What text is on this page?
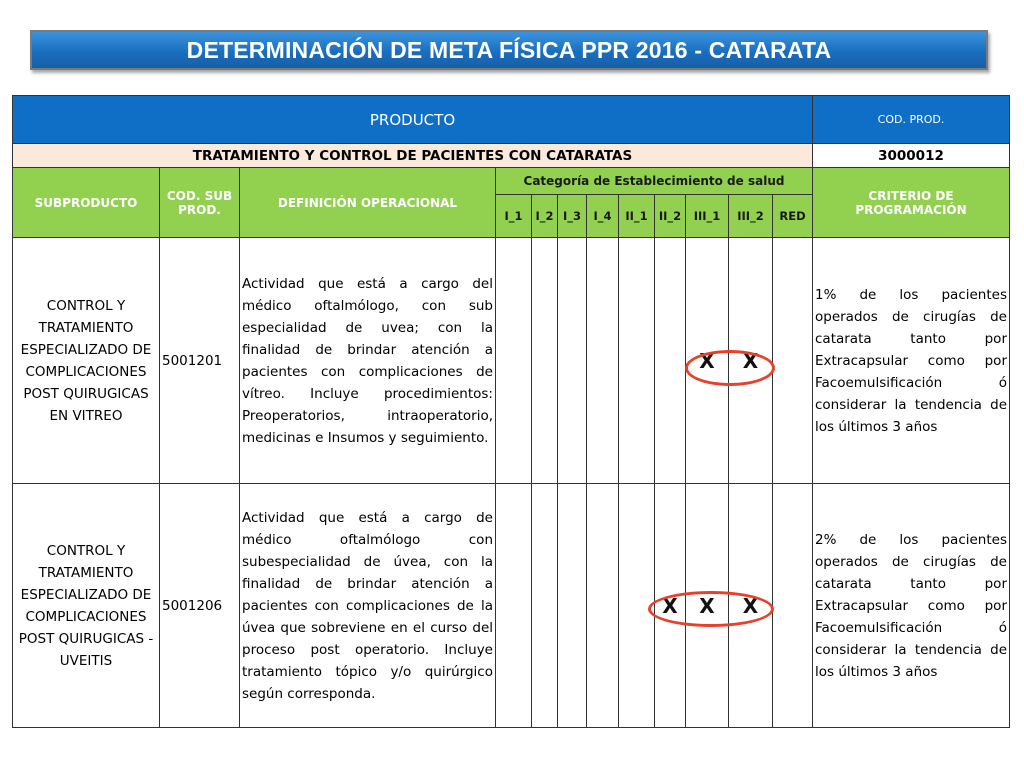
DETERMINACIÓN DE META FÍSICA PPR 2016 - CATARATA
PRODUCTO												COD. PROD.
TRATAMIENTO Y CONTROL DE PACIENTES CON CATARATAS												3000012
SUBPRODUCTO	COD. SUB PROD.	DEFINICIÓN OPERACIONAL	Categoría de Establecimiento de salud									CRITERIO DE PROGRAMACIÓN
			I_1	I_2	I_3	I_4	II_1	II_2	III_1	III_2	RED	
CONTROL Y TRATAMIENTO ESPECIALIZADO DE COMPLICACIONES POST QUIRUGICAS EN VITREO	5001201	Actividad que está a cargo del médico oftalmólogo, con sub especialidad de uvea; con la finalidad de brindar atención a pacientes con complicaciones de vítreo. Incluye procedimientos: Preoperatorios, intraoperatorio, medicinas e Insumos y seguimiento.							X	X		1% de los pacientes operados de cirugías de catarata tanto por Extracapsular como por Facoemulsificación ó considerar la tendencia de los últimos 3 años
CONTROL Y TRATAMIENTO ESPECIALIZADO DE COMPLICACIONES POST QUIRUGICAS - UVEITIS	5001206	Actividad que está a cargo de médico oftalmólogo con subespecialidad de úvea, con la finalidad de brindar atención a pacientes con complicaciones de la úvea que sobreviene en el curso del proceso post operatorio. Incluye tratamiento tópico y/o quirúrgico según corresponda.						X	X	X		2% de los pacientes operados de cirugías de catarata tanto por Extracapsular como por Facoemulsificación ó considerar la tendencia de los últimos 3 años
